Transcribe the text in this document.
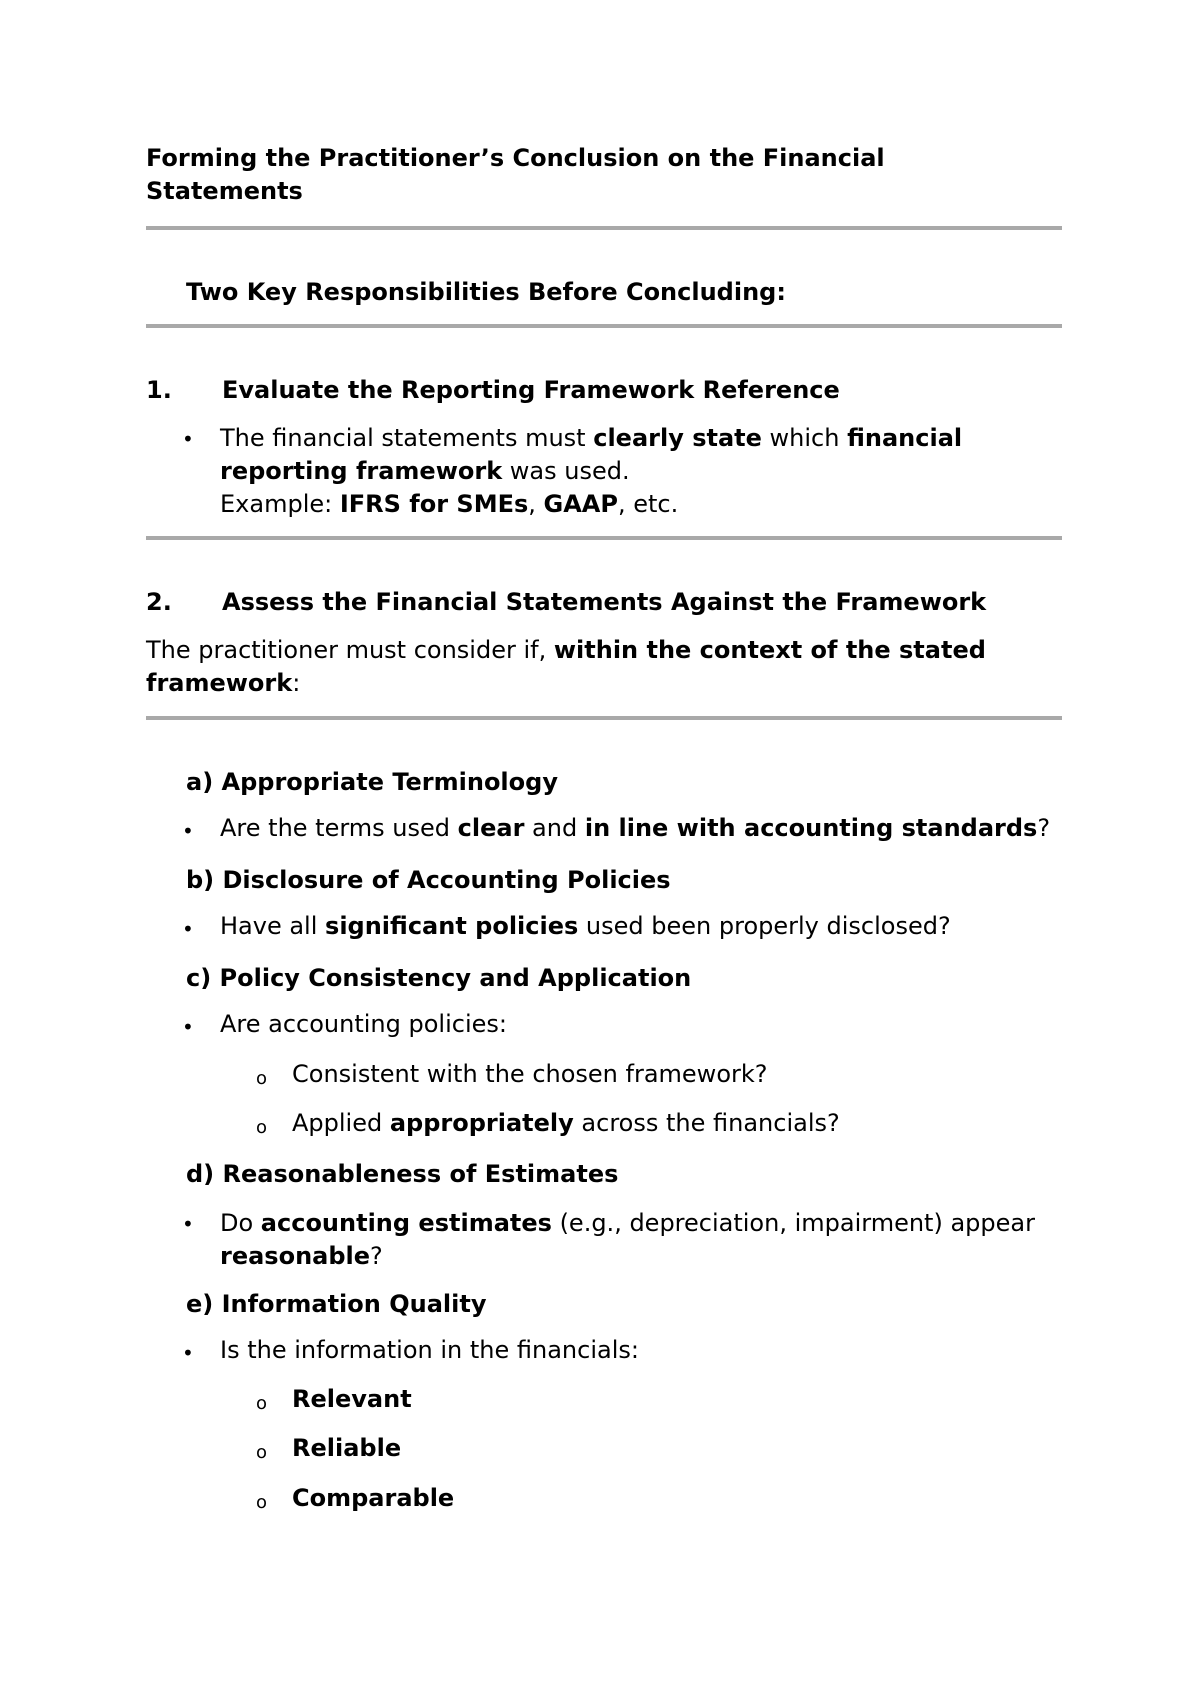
Forming the Practitioner’s Conclusion on the Financial Statements

Two Key Responsibilities Before Concluding:

1. Evaluate the Reporting Framework Reference

• The financial statements must clearly state which financial
reporting framework was used.
Example: IFRS for SMEs, GAAP, etc.

2. Assess the Financial Statements Against the Framework

The practitioner must consider if, within the context of the stated
framework:

a) Appropriate Terminology

• Are the terms used clear and in line with accounting standards?

b) Disclosure of Accounting Policies

• Have all significant policies used been properly disclosed?

c) Policy Consistency and Application

• Are accounting policies:

o Consistent with the chosen framework?

o Applied appropriately across the financials?

d) Reasonableness of Estimates

• Do accounting estimates (e.g., depreciation, impairment) appear
reasonable?

e) Information Quality

• Is the information in the financials:

o Relevant

o Reliable

o Comparable
